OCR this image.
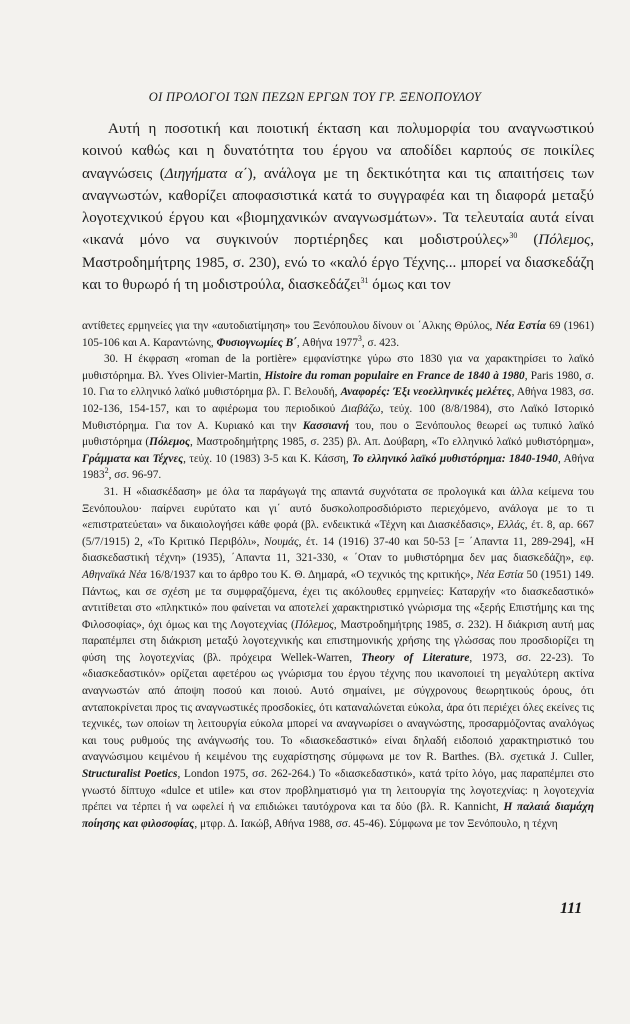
OI ΠΡΟΛΟΓΟΙ ΤΩΝ ΠΕΖΩΝ ΕΡΓΩΝ ΤΟΥ ΓΡ. ΞΕΝΟΠΟΥΛΟΥ
Αυτή η ποσοτική και ποιοτική έκταση και πολυμορφία του αναγνωστικού κοινού καθώς και η δυνατότητα του έργου να αποδίδει καρπούς σε ποικίλες αναγνώσεις (Διηγήματα α΄), ανάλογα με τη δεκτικότητα και τις απαιτήσεις των αναγνωστών, καθορίζει αποφασιστικά κατά το συγγραφέα και τη διαφορά μεταξύ λογοτεχνικού έργου και «βιομηχανικών αναγνωσμάτων». Τα τελευταία αυτά είναι «ικανά μόνο να συγκινούν πορτιέρηδες και μοδιστρούλες»$^{30}$ (Πόλεμος, Μαστροδημήτρης 1985, σ. 230), ενώ το «καλό έργο Τέχνης... μπορεί να διασκεδάζη και το θυρωρό ή τη μοδιστρούλα, διασκεδάζει$^{31}$ όμως και τον

αντίθετες ερμηνείες για την «αυτοδιατίμηση» του Ξενόπουλου δίνουν οι ΄Αλκης Θρύλος, Νέα Εστία 69 (1961) 105-106 και Α. Καραντώνης, Φυσιογνωμίες Β΄, Αθήνα 1977$^3$, σ. 423.

30. Η έκφραση «roman de la portière» εμφανίστηκε γύρω στο 1830 για να χαρακτηρίσει το λαϊκό μυθιστόρημα. Βλ. Yves Olivier-Martin, Histoire du roman populaire en France de 1840 à 1980, Paris 1980, σ. 10. Για το ελληνικό λαϊκό μυθιστόρημα βλ. Γ. Βελουδή, Αναφορές: Έξι νεοελληνικές μελέτες, Αθήνα 1983, σσ. 102-136, 154-157, και το αφιέρωμα του περιοδικού Διαβάζω, τεύχ. 100 (8/8/1984), στο Λαϊκό Ιστορικό Μυθιστόρημα. Για τον Α. Κυριακό και την Κασσιανή του, που ο Ξενόπουλος θεωρεί ως τυπικό λαϊκό μυθιστόρημα (Πόλεμος, Μαστροδημήτρης 1985, σ. 235) βλ. Απ. Δούβαρη, «Το ελληνικό λαϊκό μυθιστόρημα», Γράμματα και Τέχνες, τεύχ. 10 (1983) 3-5 και Κ. Κάσση, Το ελληνικό λαϊκό μυθιστόρημα: 1840-1940, Αθήνα 1983$^2$, σσ. 96-97.

31. Η «διασκέδαση» με όλα τα παράγωγά της απαντά συχνότατα σε προλογικά και άλλα κείμενα του Ξενόπουλου· παίρνει ευρύτατο και γι΄ αυτό δυσκολοπροσδιόριστο περιεχόμενο, ανάλογα με το τι «επιστρατεύεται» να δικαιολογήσει κάθε φορά (βλ. ενδεικτικά «Τέχνη και Διασκέδασις», Ελλάς, έτ. 8, αρ. 667 (5/7/1915) 2, «Το Κριτικό Περιβόλι», Νουμάς, έτ. 14 (1916) 37-40 και 50-53 [= ΄Απαντα 11, 289-294], «Η διασκεδαστική τέχνη» (1935), ΄Απαντα 11, 321-330, « ΄Οταν το μυθιστόρημα δεν μας διασκεδάζη», εφ. Αθηναϊκά Νέα 16/8/1937 και το άρθρο του Κ. Θ. Δημαρά, «Ο τεχνικός της κριτικής», Νέα Εστία 50 (1951) 149. Πάντως, και σε σχέση με τα συμφραζόμενα, έχει τις ακόλουθες ερμηνείες: Καταρχήν «το διασκεδαστικό» αντιτίθεται στο «πληκτικό» που φαίνεται να αποτελεί χαρακτηριστικό γνώρισμα της «ξερής Επιστήμης και της Φιλοσοφίας», όχι όμως και της Λογοτεχνίας (Πόλεμος, Μαστροδημήτρης 1985, σ. 232). Η διάκριση αυτή μας παραπέμπει στη διάκριση μεταξύ λογοτεχνικής και επιστημονικής χρήσης της γλώσσας που προσδιορίζει τη φύση της λογοτεχνίας (βλ. πρόχειρα Wellek-Warren, Theory of Literature, 1973, σσ. 22-23). Το «διασκεδαστικόν» ορίζεται αφετέρου ως γνώρισμα του έργου τέχνης που ικανοποιεί τη μεγαλύτερη ακτίνα αναγνωστών από άποψη ποσού και ποιού. Αυτό σημαίνει, με σύγχρονους θεωρητικούς όρους, ότι ανταποκρίνεται προς τις αναγνωστικές προσδοκίες, ότι καταναλώνεται εύκολα, άρα ότι περιέχει όλες εκείνες τις τεχνικές, των οποίων τη λειτουργία εύκολα μπορεί να αναγνωρίσει ο αναγνώστης, προσαρμόζοντας αναλόγως και τους ρυθμούς της ανάγνωσής του. Το «διασκεδαστικό» είναι δηλαδή ειδοποιό χαρακτηριστικό του αναγνώσιμου κειμένου ή κειμένου της ευχαρίστησης σύμφωνα με τον R. Barthes. (Βλ. σχετικά J. Culler, Structuralist Poetics, London 1975, σσ. 262-264.) Το «διασκεδαστικό», κατά τρίτο λόγο, μας παραπέμπει στο γνωστό δίπτυχο «dulce et utile» και στον προβληματισμό για τη λειτουργία της λογοτεχνίας: η λογοτεχνία πρέπει να τέρπει ή να ωφελεί ή να επιδιώκει ταυτόχρονα και τα δύο (βλ. R. Kannicht, Η παλαιά διαμάχη ποίησης και φιλοσοφίας, μτφρ. Δ. Ιακώβ, Αθήνα 1988, σσ. 45-46). Σύμφωνα με τον Ξενόπουλο, η τέχνη

111
